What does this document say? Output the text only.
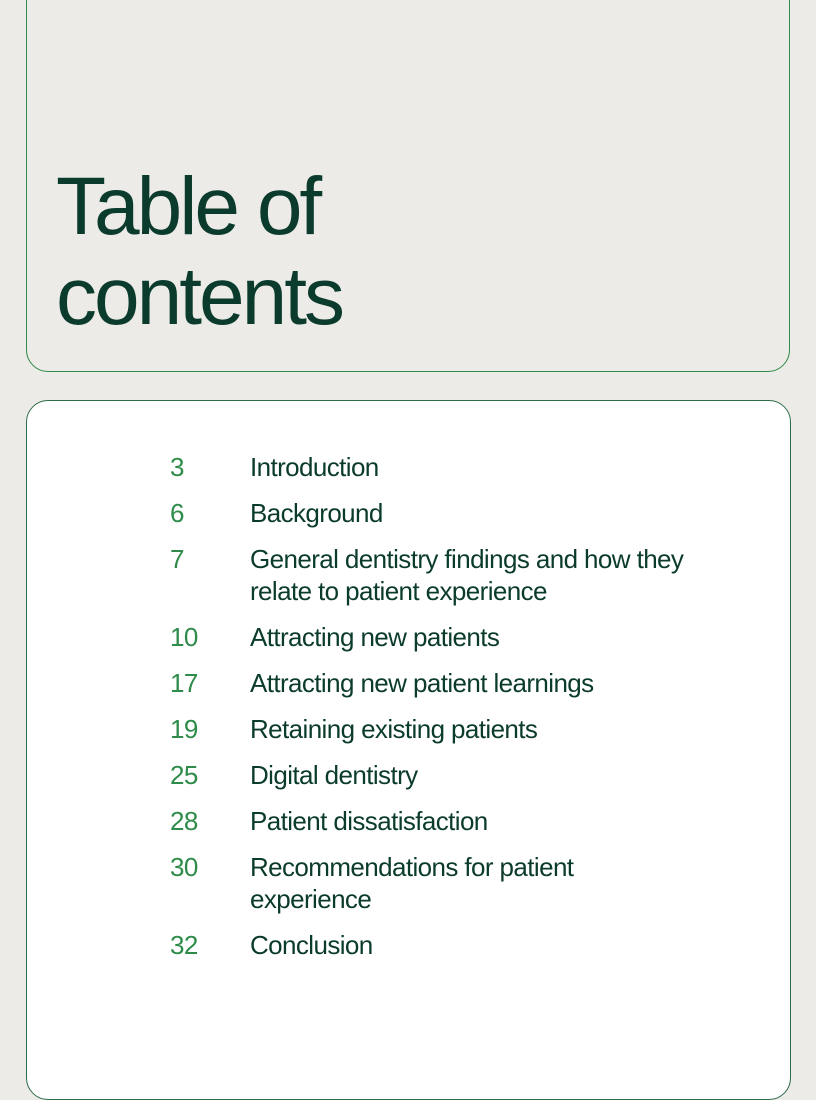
Table of
contents
3	Introduction
6	Background
7	General dentistry findings and how they relate to patient experience
10	Attracting new patients
17	Attracting new patient learnings
19	Retaining existing patients
25	Digital dentistry
28	Patient dissatisfaction
30	Recommendations for patient experience
32	Conclusion
